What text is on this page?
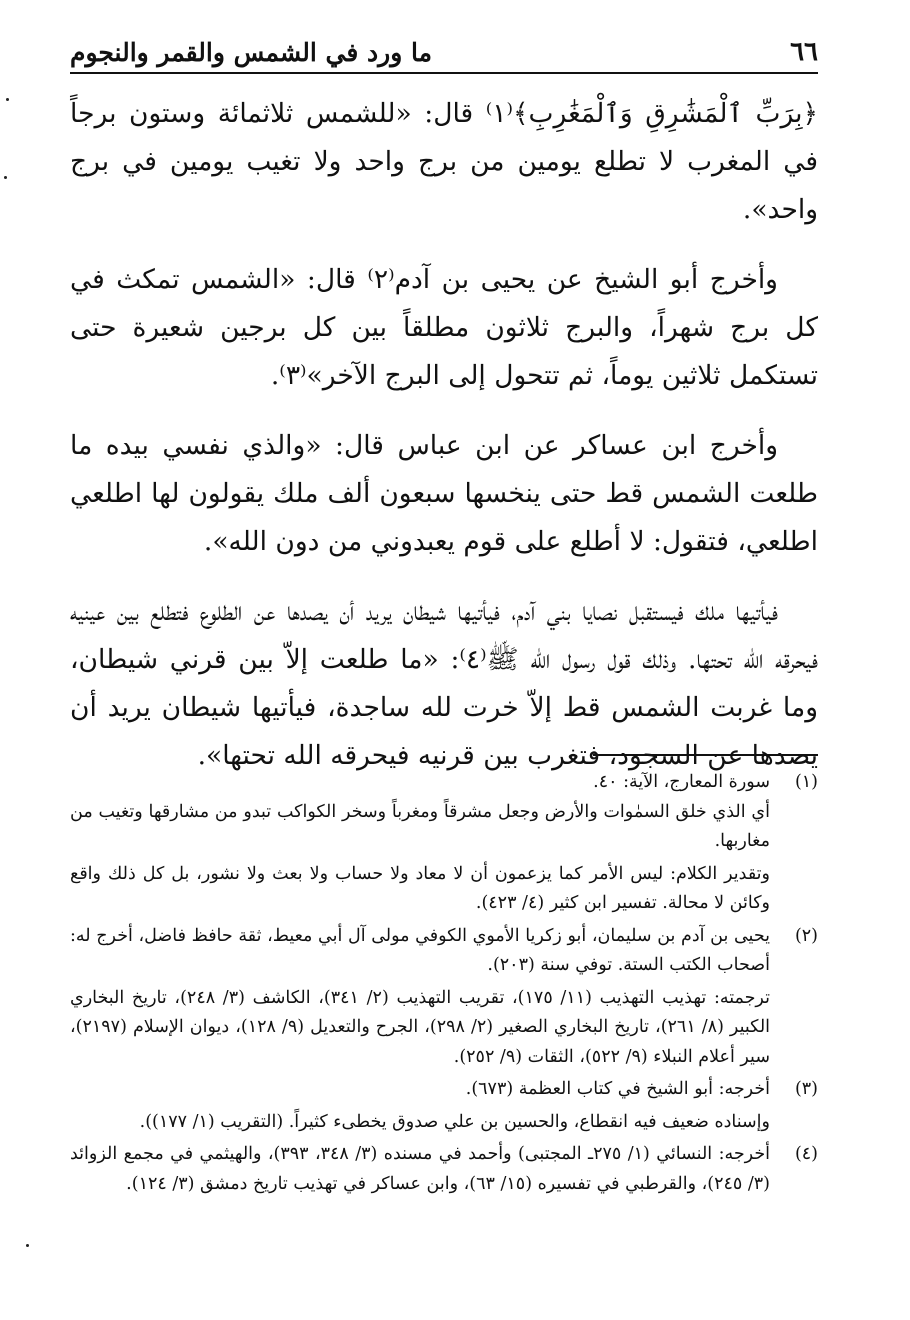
٦٦
ما ورد في الشمس والقمر والنجوم

﴿بِرَبِّ ٱلْمَشَٰرِقِ وَٱلْمَغَٰرِبِ﴾⁽١⁾ قال: «للشمس ثلاثمائة وستون برجاً في المغرب لا تطلع يومين من برج واحد ولا تغيب يومين في برج واحد».

وأخرج أبو الشيخ عن يحيى بن آدم⁽٢⁾ قال: «الشمس تمكث في كل برج شهراً، والبرج ثلاثون مطلقاً بين كل برجين شعيرة حتى تستكمل ثلاثين يوماً، ثم تتحول إلى البرج الآخر»⁽٣⁾.

وأخرج ابن عساكر عن ابن عباس قال: «والذي نفسي بيده ما طلعت الشمس قط حتى ينخسها سبعون ألف ملك يقولون لها اطلعي اطلعي، فتقول: لا أطلع على قوم يعبدوني من دون الله».

فيأتيها ملك فيستقبل نصايا بني آدم، فيأتيها شيطان يريد أن يصدها عن الطلوع فتطلع بين عينيه فيحرقه الله تحتها. وذلك قول رسول الله ﷺ⁽٤⁾: «ما طلعت إلاّ بين قرني شيطان، وما غربت الشمس قط إلاّ خرت لله ساجدة، فيأتيها شيطان يريد أن يصدها عن السجود، فتغرب بين قرنيه فيحرقه الله تحتها».

(١)

سورة المعارج، الآية: ٤٠.

أي الذي خلق السمٰوات والأرض وجعل مشرقاً ومغرباً وسخر الكواكب تبدو من مشارقها وتغيب من مغاربها.

وتقدير الكلام: ليس الأمر كما يزعمون أن لا معاد ولا حساب ولا بعث ولا نشور، بل كل ذلك واقع وكائن لا محالة. تفسير ابن كثير (٤/ ٤٢٣).

(٢)

يحيى بن آدم بن سليمان، أبو زكريا الأموي الكوفي مولى آل أبي معيط، ثقة حافظ فاضل، أخرج له: أصحاب الكتب الستة. توفي سنة (٢٠٣).

ترجمته: تهذيب التهذيب (١١/ ١٧٥)، تقريب التهذيب (٢/ ٣٤١)، الكاشف (٣/ ٢٤٨)، تاريخ البخاري الكبير (٨/ ٢٦١)، تاريخ البخاري الصغير (٢/ ٢٩٨)، الجرح والتعديل (٩/ ١٢٨)، ديوان الإسلام (٢١٩٧)، سير أعلام النبلاء (٩/ ٥٢٢)، الثقات (٩/ ٢٥٢).

(٣)

أخرجه: أبو الشيخ في كتاب العظمة (٦٧٣).

وإسناده ضعيف فيه انقطاع، والحسين بن علي صدوق يخطىء كثيراً. (التقريب (١/ ١٧٧)).

(٤)

أخرجه: النسائي (١/ ٢٧٥ـ المجتبى) وأحمد في مسنده (٣/ ٣٤٨، ٣٩٣)، والهيثمي في مجمع الزوائد (٣/ ٢٤٥)، والقرطبي في تفسيره (١٥/ ٦٣)، وابن عساكر في تهذيب تاريخ دمشق (٣/ ١٢٤).
